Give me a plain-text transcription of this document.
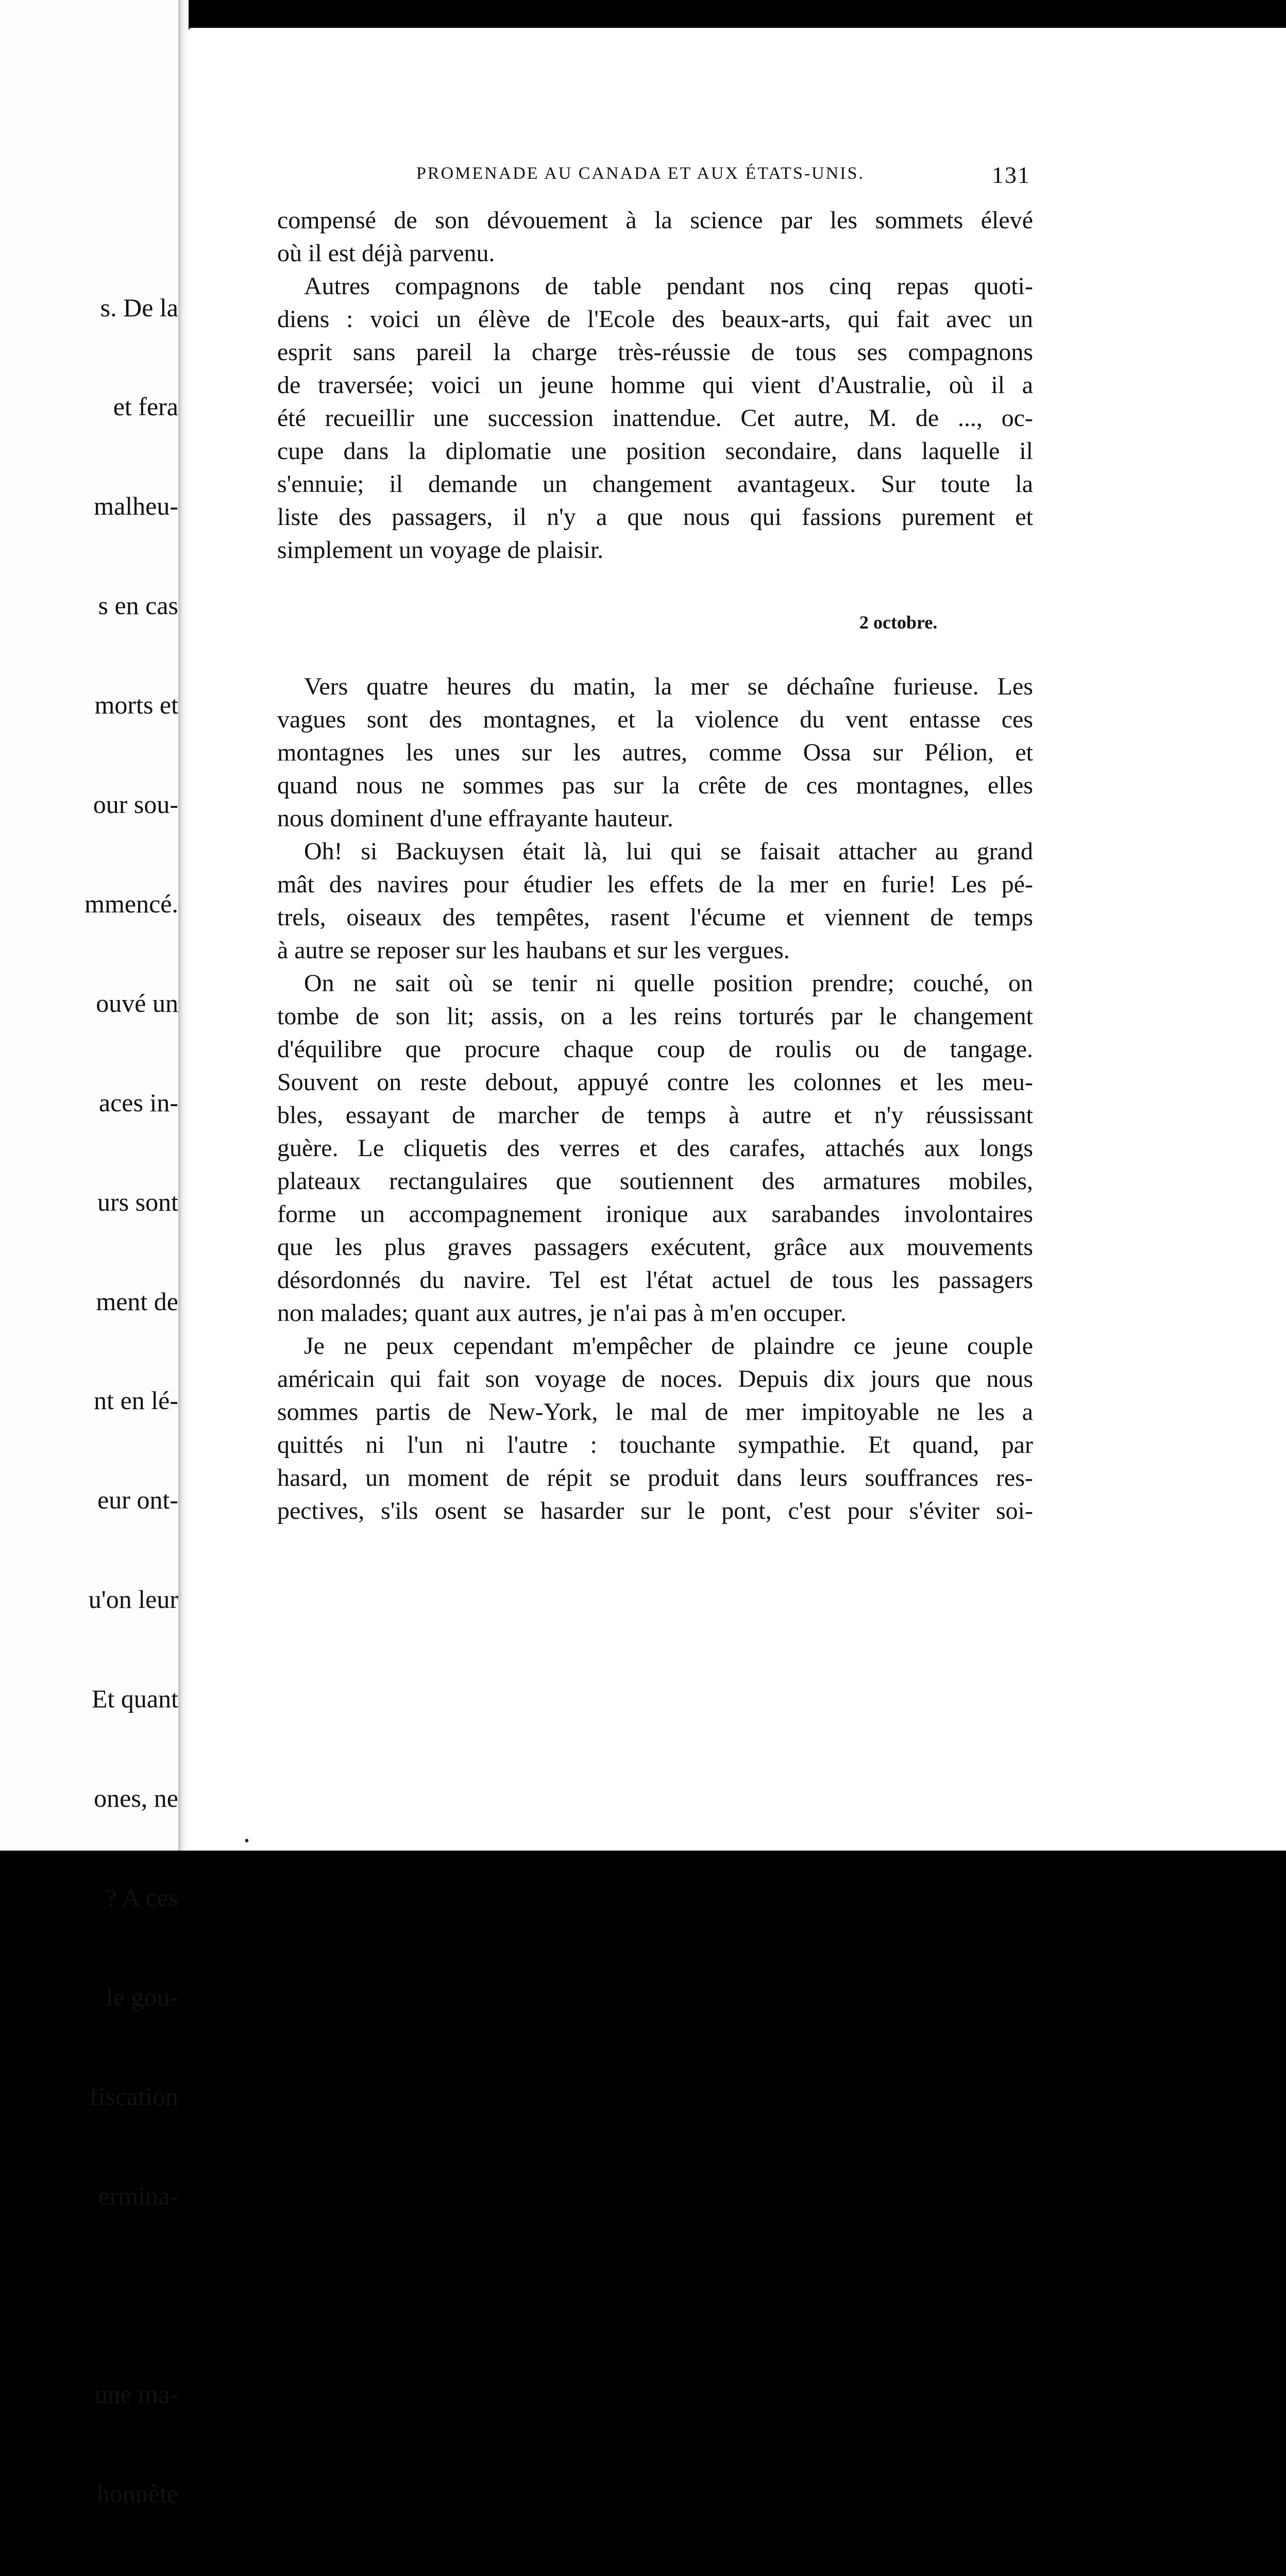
s. De la

et fera

malheu-

s en cas

morts et

our sou-

mmencé.

ouvé un

aces in-

urs sont

ment de

nt en lé-

eur ont-

u'on leur

Et quant

ones, ne

? A ces

le gou-

fiscation

ermina-

une ma-

honnête

PROMENADE AU CANADA ET AUX ÉTATS-UNIS.	131
compensé de son dévouement à la science par les sommets élevé
où il est déjà parvenu.
Autres compagnons de table pendant nos cinq repas quoti-
diens : voici un élève de l'Ecole des beaux-arts, qui fait avec un
esprit sans pareil la charge très-réussie de tous ses compagnons
de traversée; voici un jeune homme qui vient d'Australie, où il a
été recueillir une succession inattendue. Cet autre, M. de ..., oc-
cupe dans la diplomatie une position secondaire, dans laquelle il
s'ennuie; il demande un changement avantageux. Sur toute la
liste des passagers, il n'y a que nous qui fassions purement et
simplement un voyage de plaisir.
Vers quatre heures du matin, la mer se déchaîne furieuse. Les
vagues sont des montagnes, et la violence du vent entasse ces
montagnes les unes sur les autres, comme Ossa sur Pélion, et
quand nous ne sommes pas sur la crête de ces montagnes, elles
nous dominent d'une effrayante hauteur.
Oh! si Backuysen était là, lui qui se faisait attacher au grand
mât des navires pour étudier les effets de la mer en furie! Les pé-
trels, oiseaux des tempêtes, rasent l'écume et viennent de temps
à autre se reposer sur les haubans et sur les vergues.
On ne sait où se tenir ni quelle position prendre; couché, on
tombe de son lit; assis, on a les reins torturés par le changement
d'équilibre que procure chaque coup de roulis ou de tangage.
Souvent on reste debout, appuyé contre les colonnes et les meu-
bles, essayant de marcher de temps à autre et n'y réussissant
guère. Le cliquetis des verres et des carafes, attachés aux longs
plateaux rectangulaires que soutiennent des armatures mobiles,
forme un accompagnement ironique aux sarabandes involontaires
que les plus graves passagers exécutent, grâce aux mouvements
désordonnés du navire. Tel est l'état actuel de tous les passagers
non malades; quant aux autres, je n'ai pas à m'en occuper.
Je ne peux cependant m'empêcher de plaindre ce jeune couple
américain qui fait son voyage de noces. Depuis dix jours que nous
sommes partis de New-York, le mal de mer impitoyable ne les a
quittés ni l'un ni l'autre : touchante sympathie. Et quand, par
hasard, un moment de répit se produit dans leurs souffrances res-
pectives, s'ils osent se hasarder sur le pont, c'est pour s'éviter soi-
2 octobre.
•
